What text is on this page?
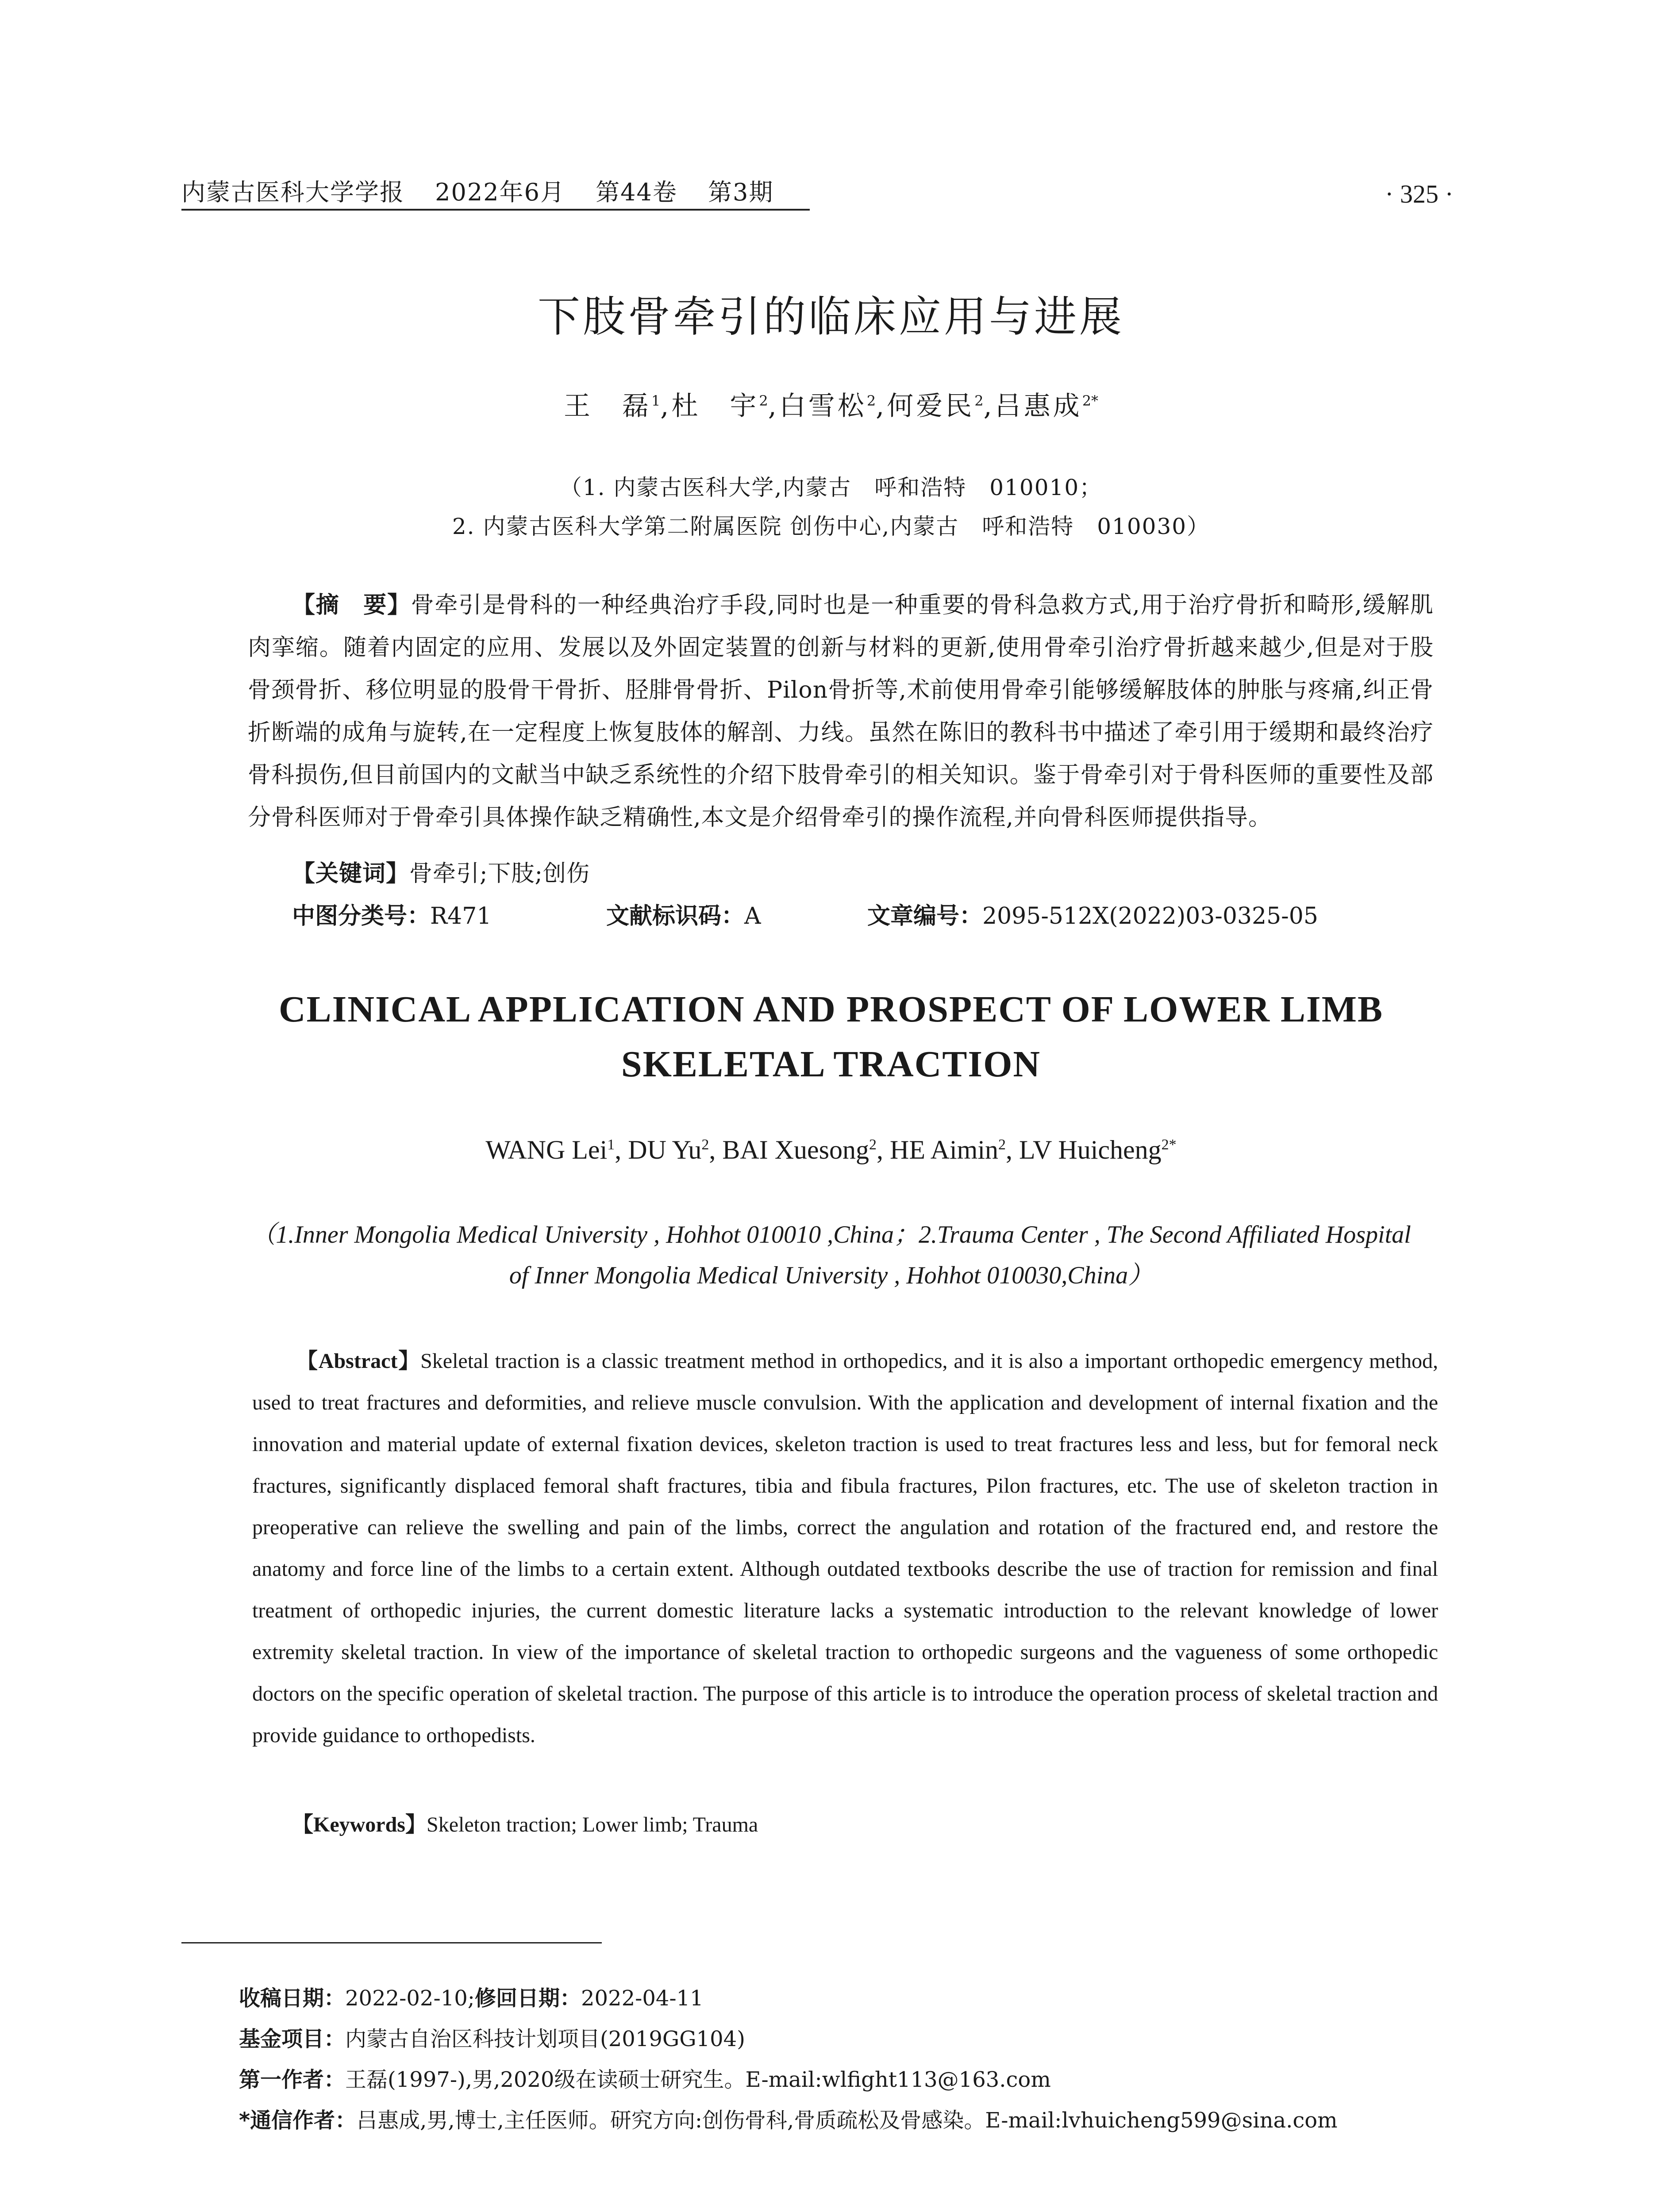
内蒙古医科大学学报 2022年6月 第44卷 第3期	· 325 ·
下肢骨牵引的临床应用与进展
王　磊$^1$,杜　宇$^2$,白雪松$^2$,何爱民$^2$,吕惠成$^{2*}$
（1. 内蒙古医科大学,内蒙古　呼和浩特　010010；
2. 内蒙古医科大学第二附属医院 创伤中心,内蒙古　呼和浩特　010030）
【摘　要】骨牵引是骨科的一种经典治疗手段,同时也是一种重要的骨科急救方式,用于治疗骨折和畸形,缓解肌肉挛缩。随着内固定的应用、发展以及外固定装置的创新与材料的更新,使用骨牵引治疗骨折越来越少,但是对于股骨颈骨折、移位明显的股骨干骨折、胫腓骨骨折、Pilon骨折等,术前使用骨牵引能够缓解肢体的肿胀与疼痛,纠正骨折断端的成角与旋转,在一定程度上恢复肢体的解剖、力线。虽然在陈旧的教科书中描述了牵引用于缓期和最终治疗骨科损伤,但目前国内的文献当中缺乏系统性的介绍下肢骨牵引的相关知识。鉴于骨牵引对于骨科医师的重要性及部分骨科医师对于骨牵引具体操作缺乏精确性,本文是介绍骨牵引的操作流程,并向骨科医师提供指导。
【关键词】骨牵引;下肢;创伤
中图分类号：R471	文献标识码：A	文章编号：2095-512X(2022)03-0325-05
CLINICAL APPLICATION AND PROSPECT OF LOWER LIMB
SKELETAL TRACTION
WANG Lei$^1$, DU Yu$^2$, BAI Xuesong$^2$, HE Aimin$^2$, LV Huicheng$^{2*}$
（1.Inner Mongolia Medical University , Hohhot 010010 ,China；2.Trauma Center , The Second Affiliated Hospital
of Inner Mongolia Medical University , Hohhot 010030,China）
【Abstract】Skeletal traction is a classic treatment method in orthopedics, and it is also a important orthopedic emergency method, used to treat fractures and deformities, and relieve muscle convulsion. With the application and development of internal fixation and the innovation and material update of external fixation devices, skeleton traction is used to treat fractures less and less, but for femoral neck fractures, significantly displaced femoral shaft fractures, tibia and fibula fractures, Pilon fractures, etc. The use of skeleton traction in preoperative can relieve the swelling and pain of the limbs, correct the angulation and rotation of the fractured end, and restore the anatomy and force line of the limbs to a certain extent. Although outdated textbooks describe the use of traction for remission and final treatment of orthopedic injuries, the current domestic literature lacks a systematic introduction to the relevant knowledge of lower extremity skeletal traction. In view of the importance of skeletal traction to orthopedic surgeons and the vagueness of some orthopedic doctors on the specific operation of skeletal traction. The purpose of this article is to introduce the operation process of skeletal traction and provide guidance to orthopedists.
【Keywords】Skeleton traction; Lower limb; Trauma
收稿日期：2022-02-10;修回日期：2022-04-11
基金项目：内蒙古自治区科技计划项目(2019GG104)
第一作者：王磊(1997-),男,2020级在读硕士研究生。E-mail:wlfight113@163.com
*通信作者：吕惠成,男,博士,主任医师。研究方向:创伤骨科,骨质疏松及骨感染。E-mail:lvhuicheng599@sina.com
